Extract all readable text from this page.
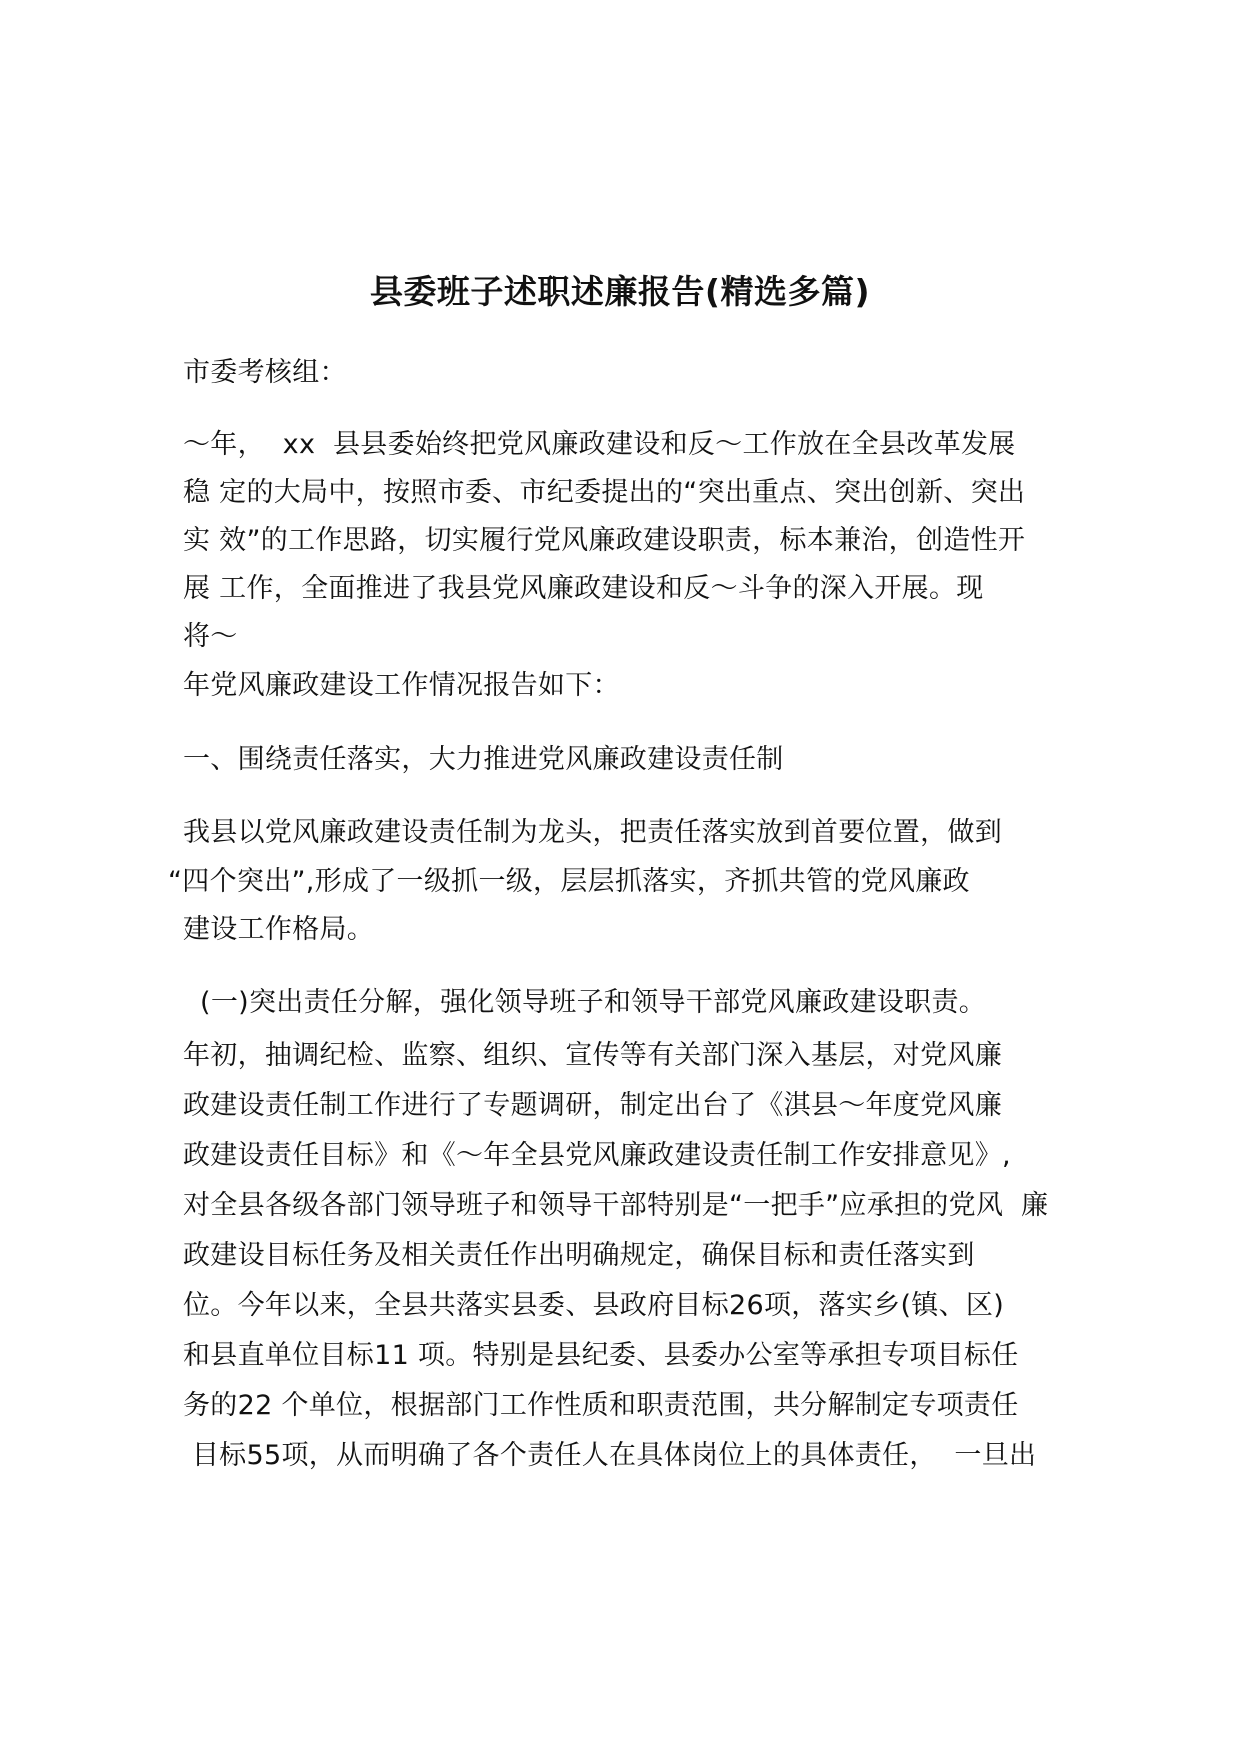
县委班子述职述廉报告(精选多篇)
市委考核组：
～年，  xx  县县委始终把党风廉政建设和反～工作放在全县改革发展
稳 定的大局中，按照市委、市纪委提出的“突出重点、突出创新、突出
实 效”的工作思路，切实履行党风廉政建设职责，标本兼治，创造性开
展 工作，全面推进了我县党风廉政建设和反～斗争的深入开展。现
将～
年党风廉政建设工作情况报告如下：
一、围绕责任落实，大力推进党风廉政建设责任制
我县以党风廉政建设责任制为龙头，把责任落实放到首要位置，做到
“四个突出”,形成了一级抓一级，层层抓落实，齐抓共管的党风廉政
建设工作格局。
(一)突出责任分解，强化领导班子和领导干部党风廉政建设职责。
年初，抽调纪检、监察、组织、宣传等有关部门深入基层，对党风廉
政建设责任制工作进行了专题调研，制定出台了《淇县～年度党风廉
政建设责任目标》和《～年全县党风廉政建设责任制工作安排意见》,
对全县各级各部门领导班子和领导干部特别是“一把手”应承担的党风  廉
政建设目标任务及相关责任作出明确规定，确保目标和责任落实到
位。今年以来，全县共落实县委、县政府目标26项，落实乡(镇、区)
和县直单位目标11 项。特别是县纪委、县委办公室等承担专项目标任
务的22 个单位，根据部门工作性质和职责范围，共分解制定专项责任
目标55项，从而明确了各个责任人在具体岗位上的具体责任，  一旦出
